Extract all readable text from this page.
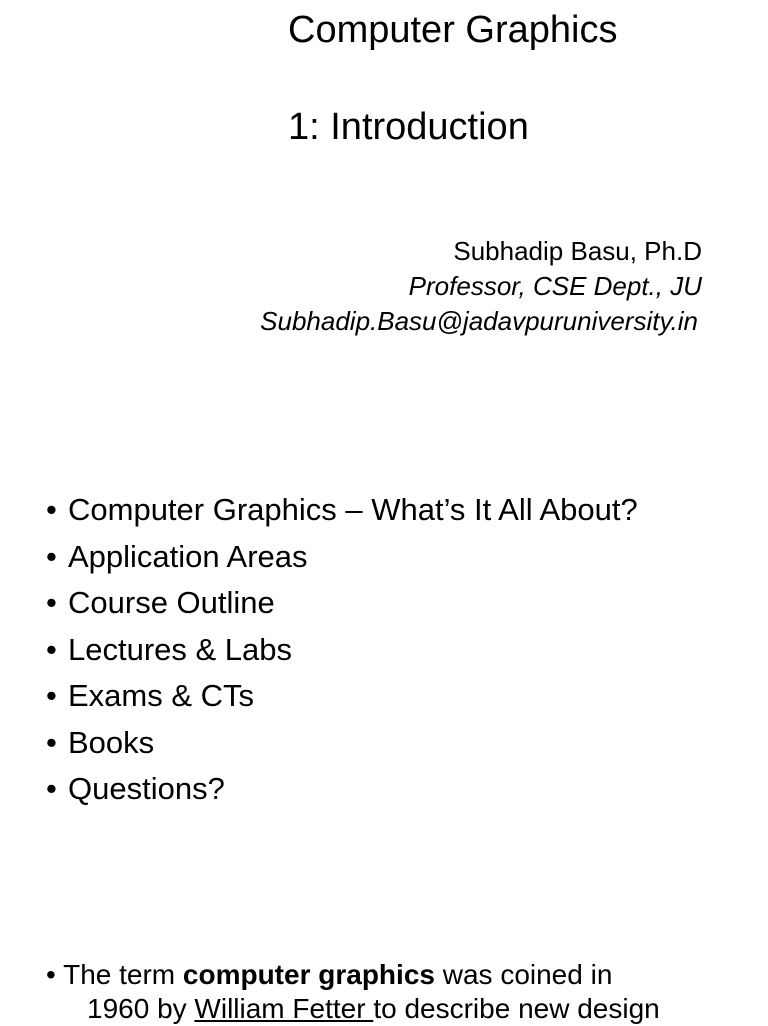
Computer Graphics
1: Introduction
Subhadip Basu, Ph.D
Professor, CSE Dept., JU
Subhadip.Basu@jadavpuruniversity.in
• Computer Graphics – What’s It All About?
• Application Areas
• Course Outline
• Lectures & Labs
• Exams & CTs
• Books
• Questions?
• The term computer graphics was coined in
1960 by William Fetter to describe new design
